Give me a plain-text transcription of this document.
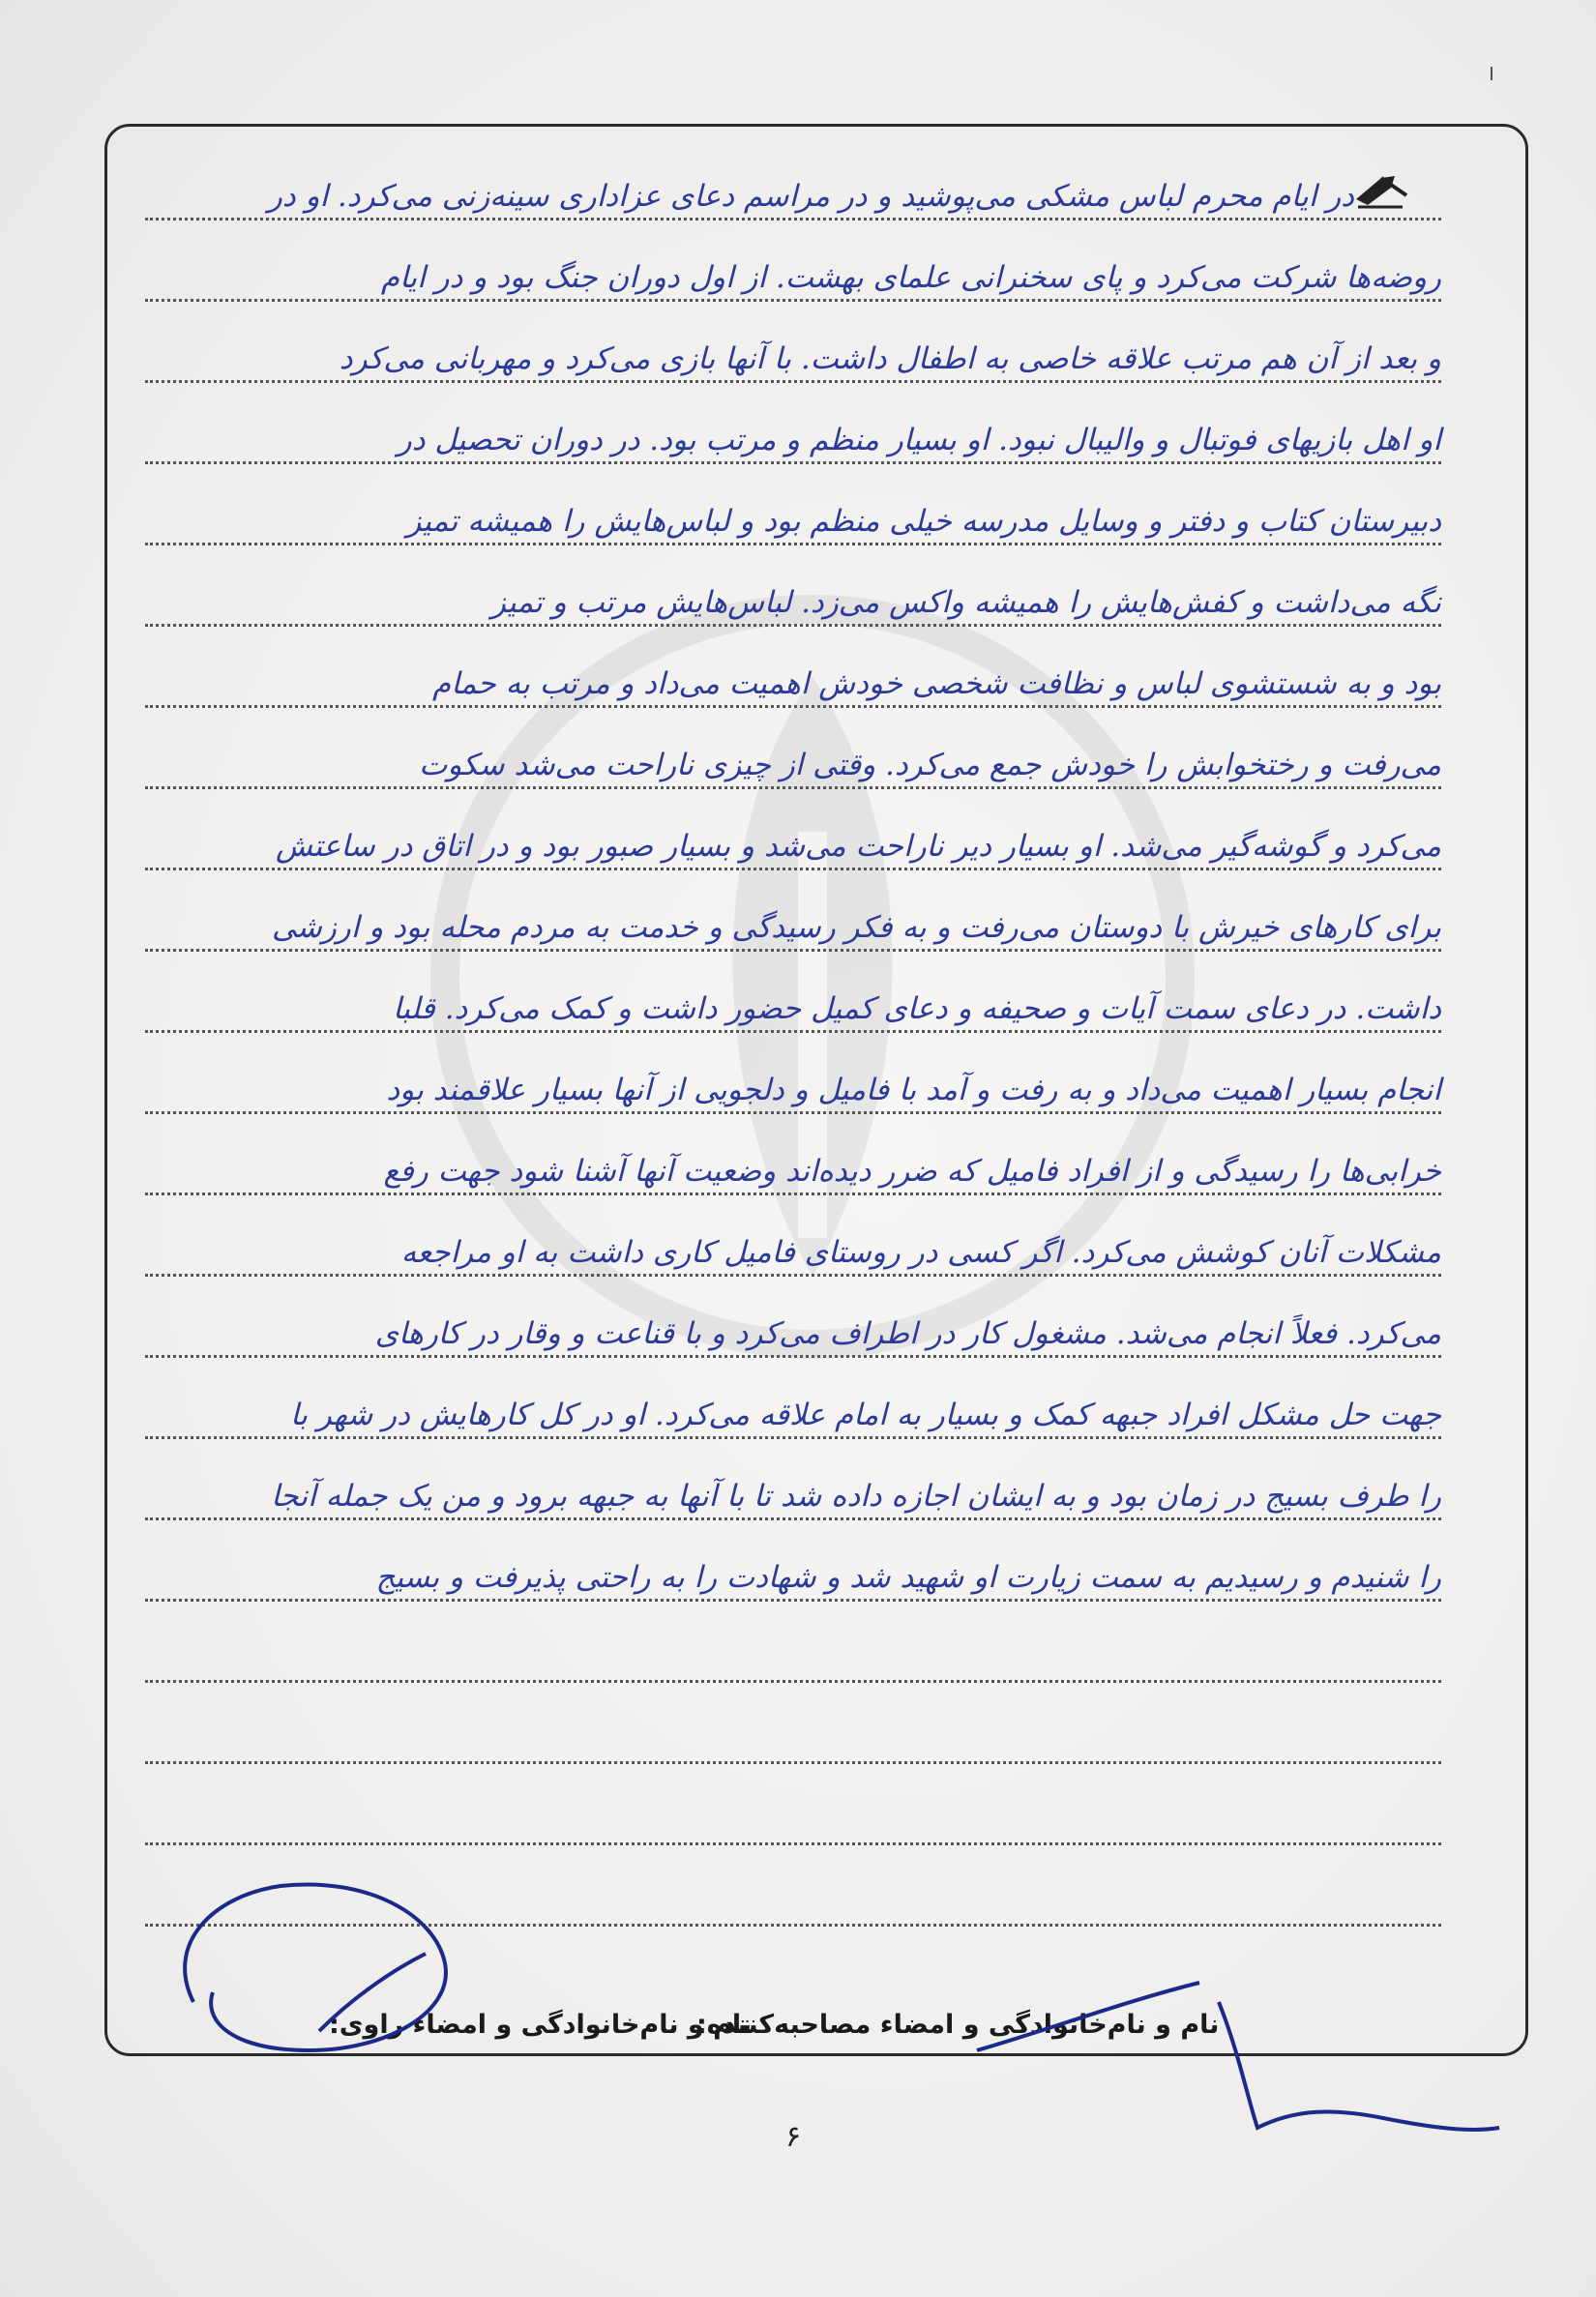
در ایام محرم لباس مشکی می‌پوشید و در مراسم دعای عزاداری سینه‌زنی می‌کرد. او در
روضه‌ها شرکت می‌کرد و پای سخنرانی علمای بهشت. از اول دوران جنگ بود و در ایام
و بعد از آن هم مرتب علاقه خاصی به اطفال داشت. با آنها بازی می‌کرد و مهربانی می‌کرد
او اهل بازیهای فوتبال و والیبال نبود. او بسیار منظم و مرتب بود. در دوران تحصیل در
دبیرستان کتاب و دفتر و وسایل مدرسه خیلی منظم بود و لباس‌هایش را همیشه تمیز
نگه می‌داشت و کفش‌هایش را همیشه واکس می‌زد. لباس‌هایش مرتب و تمیز
بود و به شستشوی لباس و نظافت شخصی خودش اهمیت می‌داد و مرتب به حمام
می‌رفت و رختخوابش را خودش جمع می‌کرد. وقتی از چیزی ناراحت می‌شد سکوت
می‌کرد و گوشه‌گیر می‌شد. او بسیار دیر ناراحت می‌شد و بسیار صبور بود و در اتاق در ساعتش
برای کارهای خیرش با دوستان می‌رفت و به فکر رسیدگی و خدمت به مردم محله بود و ارزشی
داشت. در دعای سمت آیات و صحیفه و دعای کمیل حضور داشت و کمک می‌کرد. قلبا
انجام بسیار اهمیت می‌داد و به رفت و آمد با فامیل و دلجویی از آنها بسیار علاقمند بود
خرابی‌ها را رسیدگی و از افراد فامیل که ضرر دیده‌اند وضعیت آنها آشنا شود جهت رفع
مشکلات آنان کوشش می‌کرد. اگر کسی در روستای فامیل کاری داشت به او مراجعه
می‌کرد. فعلاً انجام می‌شد. مشغول کار در اطراف می‌کرد و با قناعت و وقار در کارهای
جهت حل مشکل افراد جبهه کمک و بسیار به امام علاقه می‌کرد. او در کل کارهایش در شهر با
را طرف بسیج در زمان بود و به ایشان اجازه داده شد تا با آنها به جبهه برود و من یک جمله آنجا
را شنیدم و رسیدیم به سمت زیارت او شهید شد و شهادت را به راحتی پذیرفت و بسیج
نام و نام‌خانوادگی و امضاء مصاحبه‌کننده:
نام و نام‌خانوادگی و امضاء راوی:
۶
